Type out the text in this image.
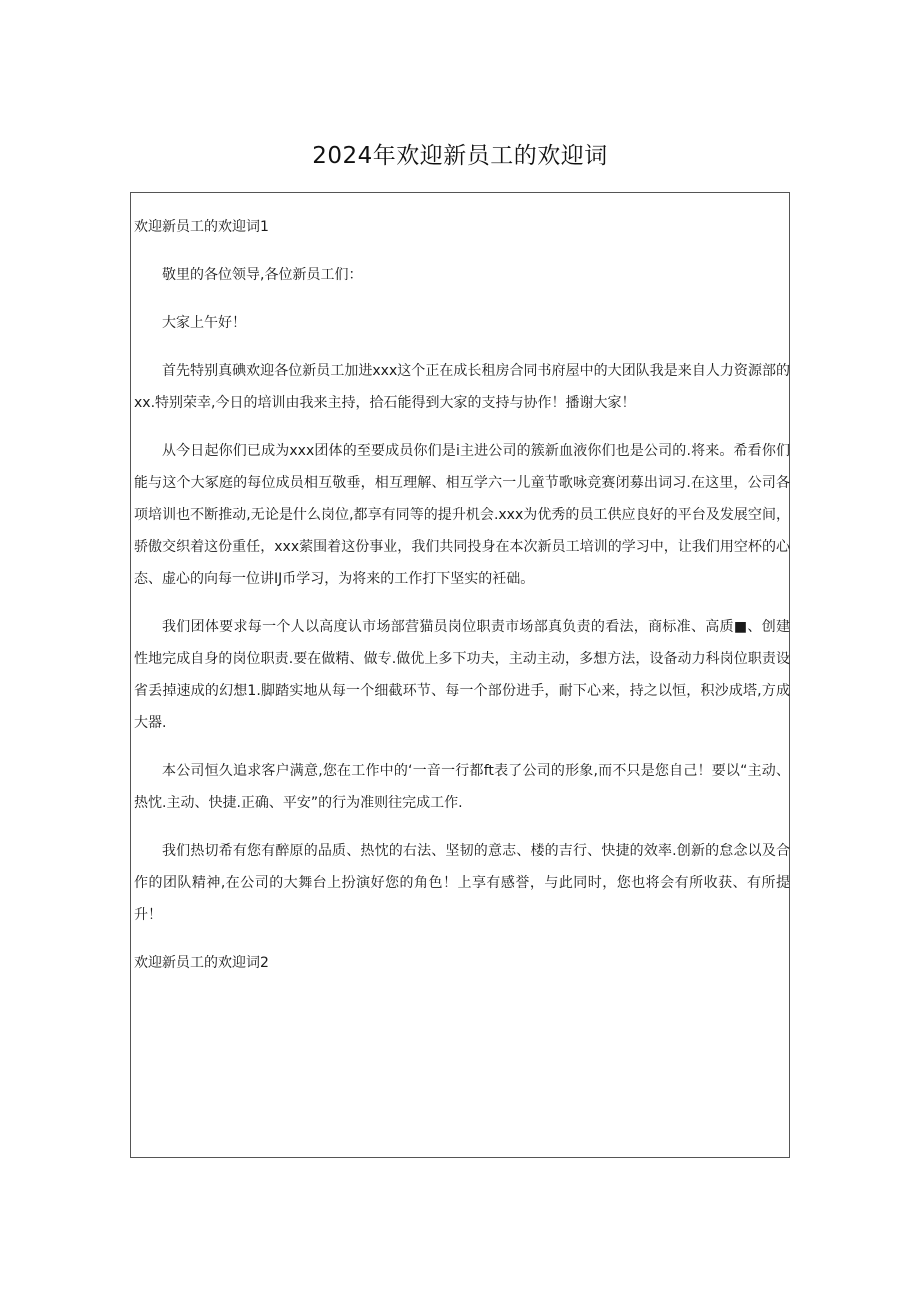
2024年欢迎新员工的欢迎词

欢迎新员工的欢迎词1

敬里的各位领导,各位新员工们：

大家上午好！

首先特别真碘欢迎各位新员工加进xxx这个正在成长租房合同书府屋中的大团队我是来自人力资源部的xx.特别荣幸,今日的培训由我来主持，拾石能得到大家的支持与协作！播谢大家！

从今日起你们已成为xxx团体的至要成员你们是i主进公司的簇新血液你们也是公司的.将来。希看你们能与这个大冢庭的每位成员相互敬垂，相互理解、相互学六一儿童节歌咏竞赛闭募出词习.在这里，公司各项培训也不断推动,无论是什么岗位,都享有同等的提升机会.xxx为优秀的员工供应良好的平台及发展空间，骄傲交织着这份重任，xxx萦围着这份事业，我们共同投身在本次新员工培训的学习中，让我们用空杯的心态、虚心的向每一位讲IJ币学习，为将来的工作打下坚实的衽础。

我们团体要求每一个人以高度认市场部营猫员岗位职责市场部真负责的看法，商标准、高质■、创建性地完成自身的岗位职责.要在做精、做专.做优上多下功夫，主动主动，多想方法，设备动力科岗位职责设省丢掉速成的幻想1.脚踏实地从每一个细截环节、每一个部份进手，耐下心来，持之以恒，积沙成塔,方成大器.

本公司恒久追求客户满意,您在工作中的‘一音一行都ft表了公司的形象,而不只是您自己！要以“主动、热忱.主动、快捷.正确、平安”的行为准则往完成工作.

我们热切希有您有醉原的品质、热忱的右法、坚韧的意志、楼的吉行、快捷的效率.创新的怠念以及合作的团队精神,在公司的大舞台上扮演好您的角色！上享有感誉，与此同时，您也将会有所收获、有所提升！

欢迎新员工的欢迎词2
